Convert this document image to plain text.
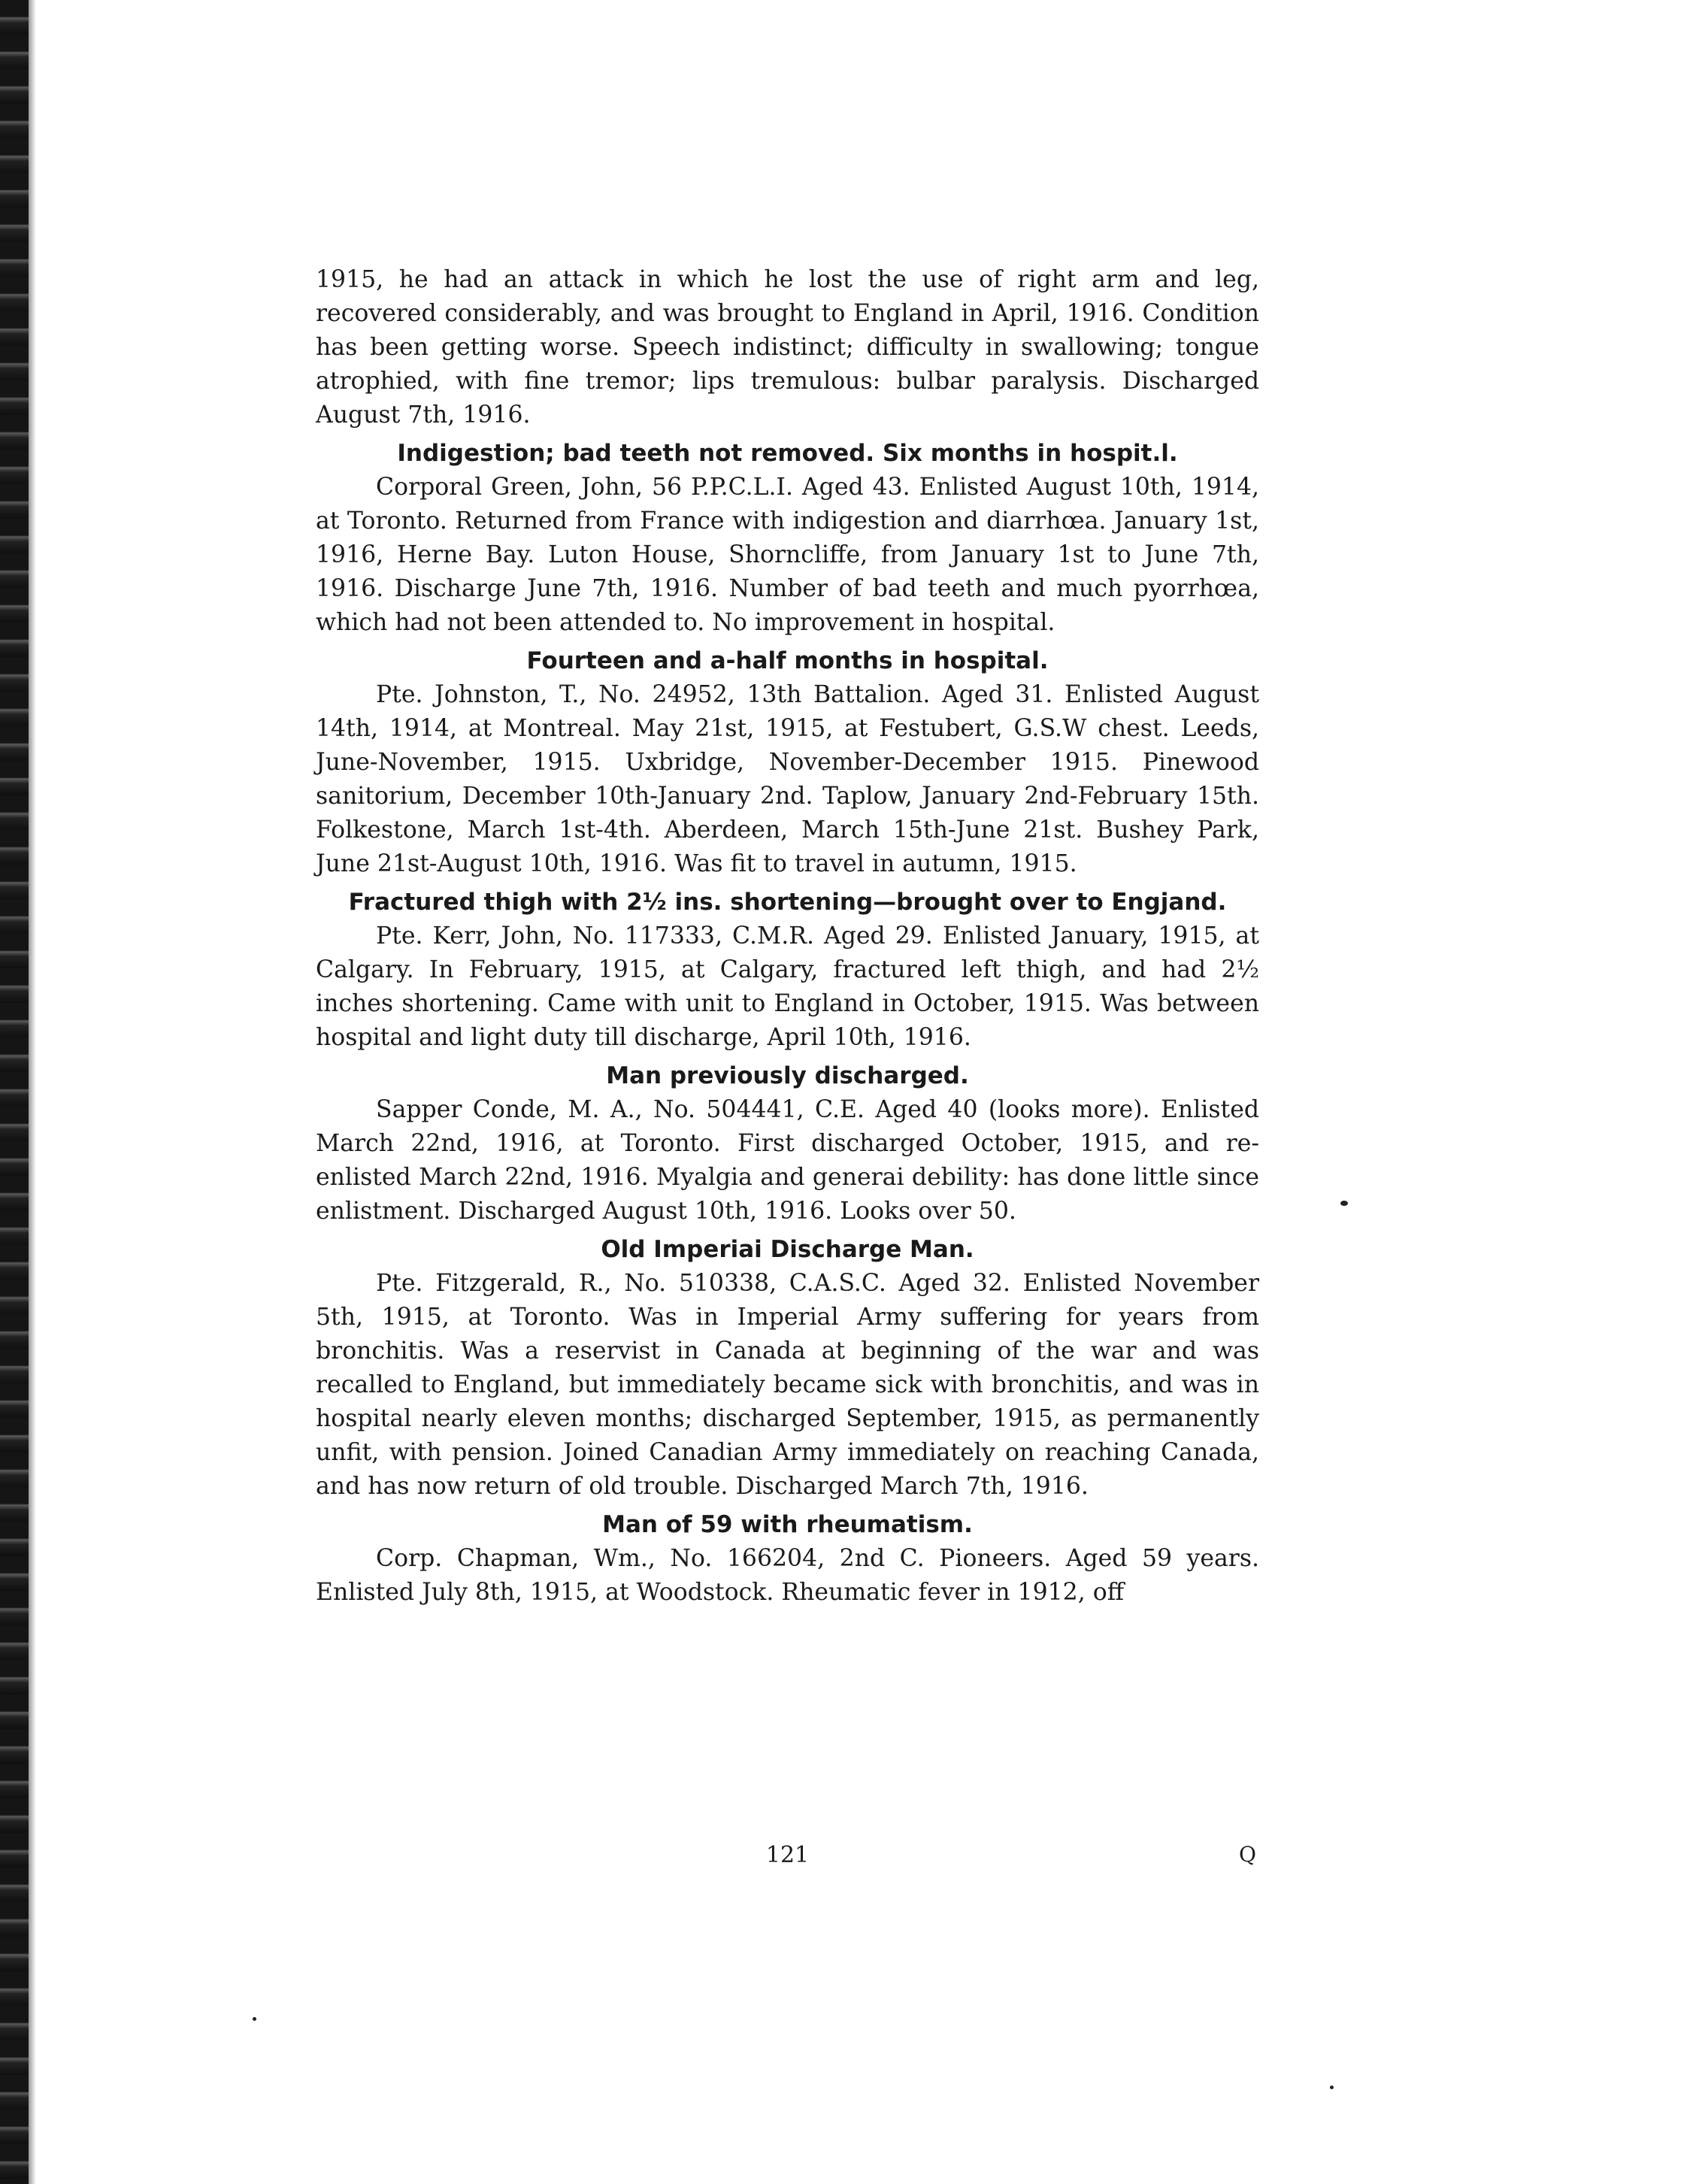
1915, he had an attack in which he lost the use of right arm and leg, recovered considerably, and was brought to England in April, 1916. Condition has been getting worse. Speech indistinct; difficulty in swallowing; tongue atrophied, with fine tremor; lips tremulous: bulbar paralysis. Discharged August 7th, 1916.

Indigestion; bad teeth not removed. Six months in hospit.l.

Corporal Green, John, 56 P.P.C.L.I. Aged 43. Enlisted August 10th, 1914, at Toronto. Returned from France with indigestion and diarrhœa. January 1st, 1916, Herne Bay. Luton House, Shorncliffe, from January 1st to June 7th, 1916. Discharge June 7th, 1916. Number of bad teeth and much pyorrhœa, which had not been attended to. No improvement in hospital.

Fourteen and a-half months in hospital.

Pte. Johnston, T., No. 24952, 13th Battalion. Aged 31. Enlisted August 14th, 1914, at Montreal. May 21st, 1915, at Festubert, G.S.W chest. Leeds, June-November, 1915. Uxbridge, November-December 1915. Pinewood sanitorium, December 10th-January 2nd. Taplow, January 2nd-February 15th. Folkestone, March 1st-4th. Aberdeen, March 15th-June 21st. Bushey Park, June 21st-August 10th, 1916. Was fit to travel in autumn, 1915.

Fractured thigh with 2½ ins. shortening—brought over to Engjand.

Pte. Kerr, John, No. 117333, C.M.R. Aged 29. Enlisted January, 1915, at Calgary. In February, 1915, at Calgary, fractured left thigh, and had 2½ inches shortening. Came with unit to England in October, 1915. Was between hospital and light duty till discharge, April 10th, 1916.

Man previously discharged.

Sapper Conde, M. A., No. 504441, C.E. Aged 40 (looks more). Enlisted March 22nd, 1916, at Toronto. First discharged October, 1915, and re-enlisted March 22nd, 1916. Myalgia and generai debility: has done little since enlistment. Discharged August 10th, 1916. Looks over 50.

Old Imperiai Discharge Man.

Pte. Fitzgerald, R., No. 510338, C.A.S.C. Aged 32. Enlisted November 5th, 1915, at Toronto. Was in Imperial Army suffering for years from bronchitis. Was a reservist in Canada at beginning of the war and was recalled to England, but immediately became sick with bronchitis, and was in hospital nearly eleven months; discharged September, 1915, as permanently unfit, with pension. Joined Canadian Army immediately on reaching Canada, and has now return of old trouble. Discharged March 7th, 1916.

Man of 59 with rheumatism.

Corp. Chapman, Wm., No. 166204, 2nd C. Pioneers. Aged 59 years. Enlisted July 8th, 1915, at Woodstock. Rheumatic fever in 1912, off

121	Q
